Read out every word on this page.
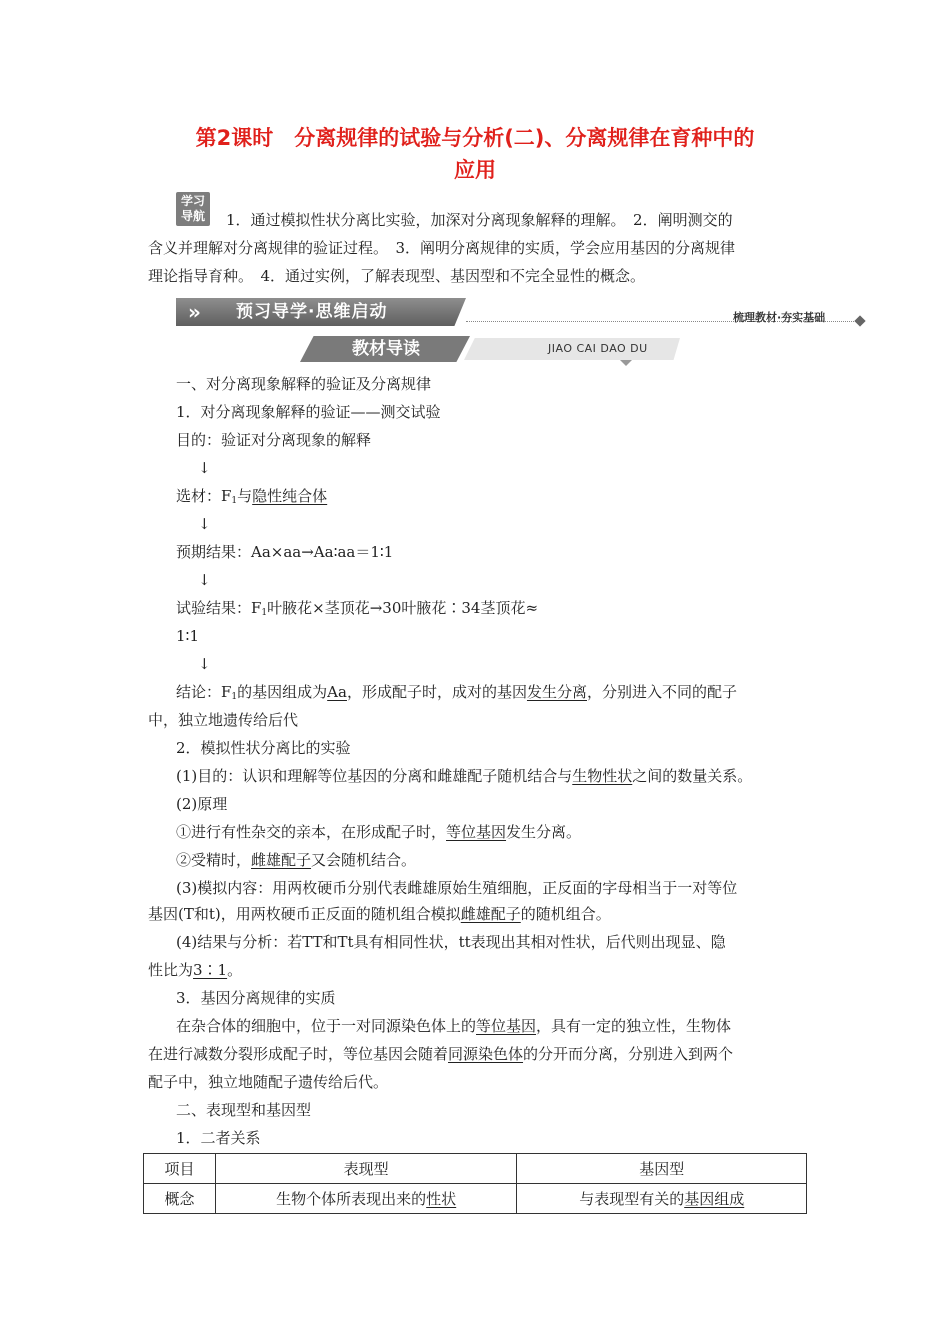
第2课时　分离规律的试验与分析(二)、分离规律在育种中的
应用
学习
导航	1．通过模拟性状分离比实验，加深对分离现象解释的理解。　2．阐明测交的
含义并理解对分离规律的验证过程。　3．阐明分离规律的实质，学会应用基因的分离规律
理论指导育种。　4．通过实例，了解表现型、基因型和不完全显性的概念。
» 预习导学·思维启动	梳理教材·夯实基础
教材导读	JIAO CAI DAO DU
一、对分离现象解释的验证及分离规律
1．对分离现象解释的验证——测交试验
目的：验证对分离现象的解释
↓
选材：$F_1$与隐性纯合体
↓
预期结果：Aa×aa→Aa∶aa＝1∶1
↓
试验结果：$F_1$叶腋花×茎顶花→30叶腋花∶34茎顶花≈
1∶1
↓
结论：$F_1$的基因组成为Aa，形成配子时，成对的基因发生分离，分别进入不同的配子
中，独立地遗传给后代
2．模拟性状分离比的实验
(1)目的：认识和理解等位基因的分离和雌雄配子随机结合与生物性状之间的数量关系。
(2)原理
①进行有性杂交的亲本，在形成配子时，等位基因发生分离。
②受精时，雌雄配子又会随机结合。
(3)模拟内容：用两枚硬币分别代表雌雄原始生殖细胞，正反面的字母相当于一对等位
基因(T和t)，用两枚硬币正反面的随机组合模拟雌雄配子的随机组合。
(4)结果与分析：若TT和Tt具有相同性状，tt表现出其相对性状，后代则出现显、隐
性比为3∶1。
3．基因分离规律的实质
在杂合体的细胞中，位于一对同源染色体上的等位基因，具有一定的独立性，生物体
在进行减数分裂形成配子时，等位基因会随着同源染色体的分开而分离，分别进入到两个
配子中，独立地随配子遗传给后代。
二、表现型和基因型
1．二者关系
项目	表现型	基因型
概念	生物个体所表现出来的性状	与表现型有关的基因组成
